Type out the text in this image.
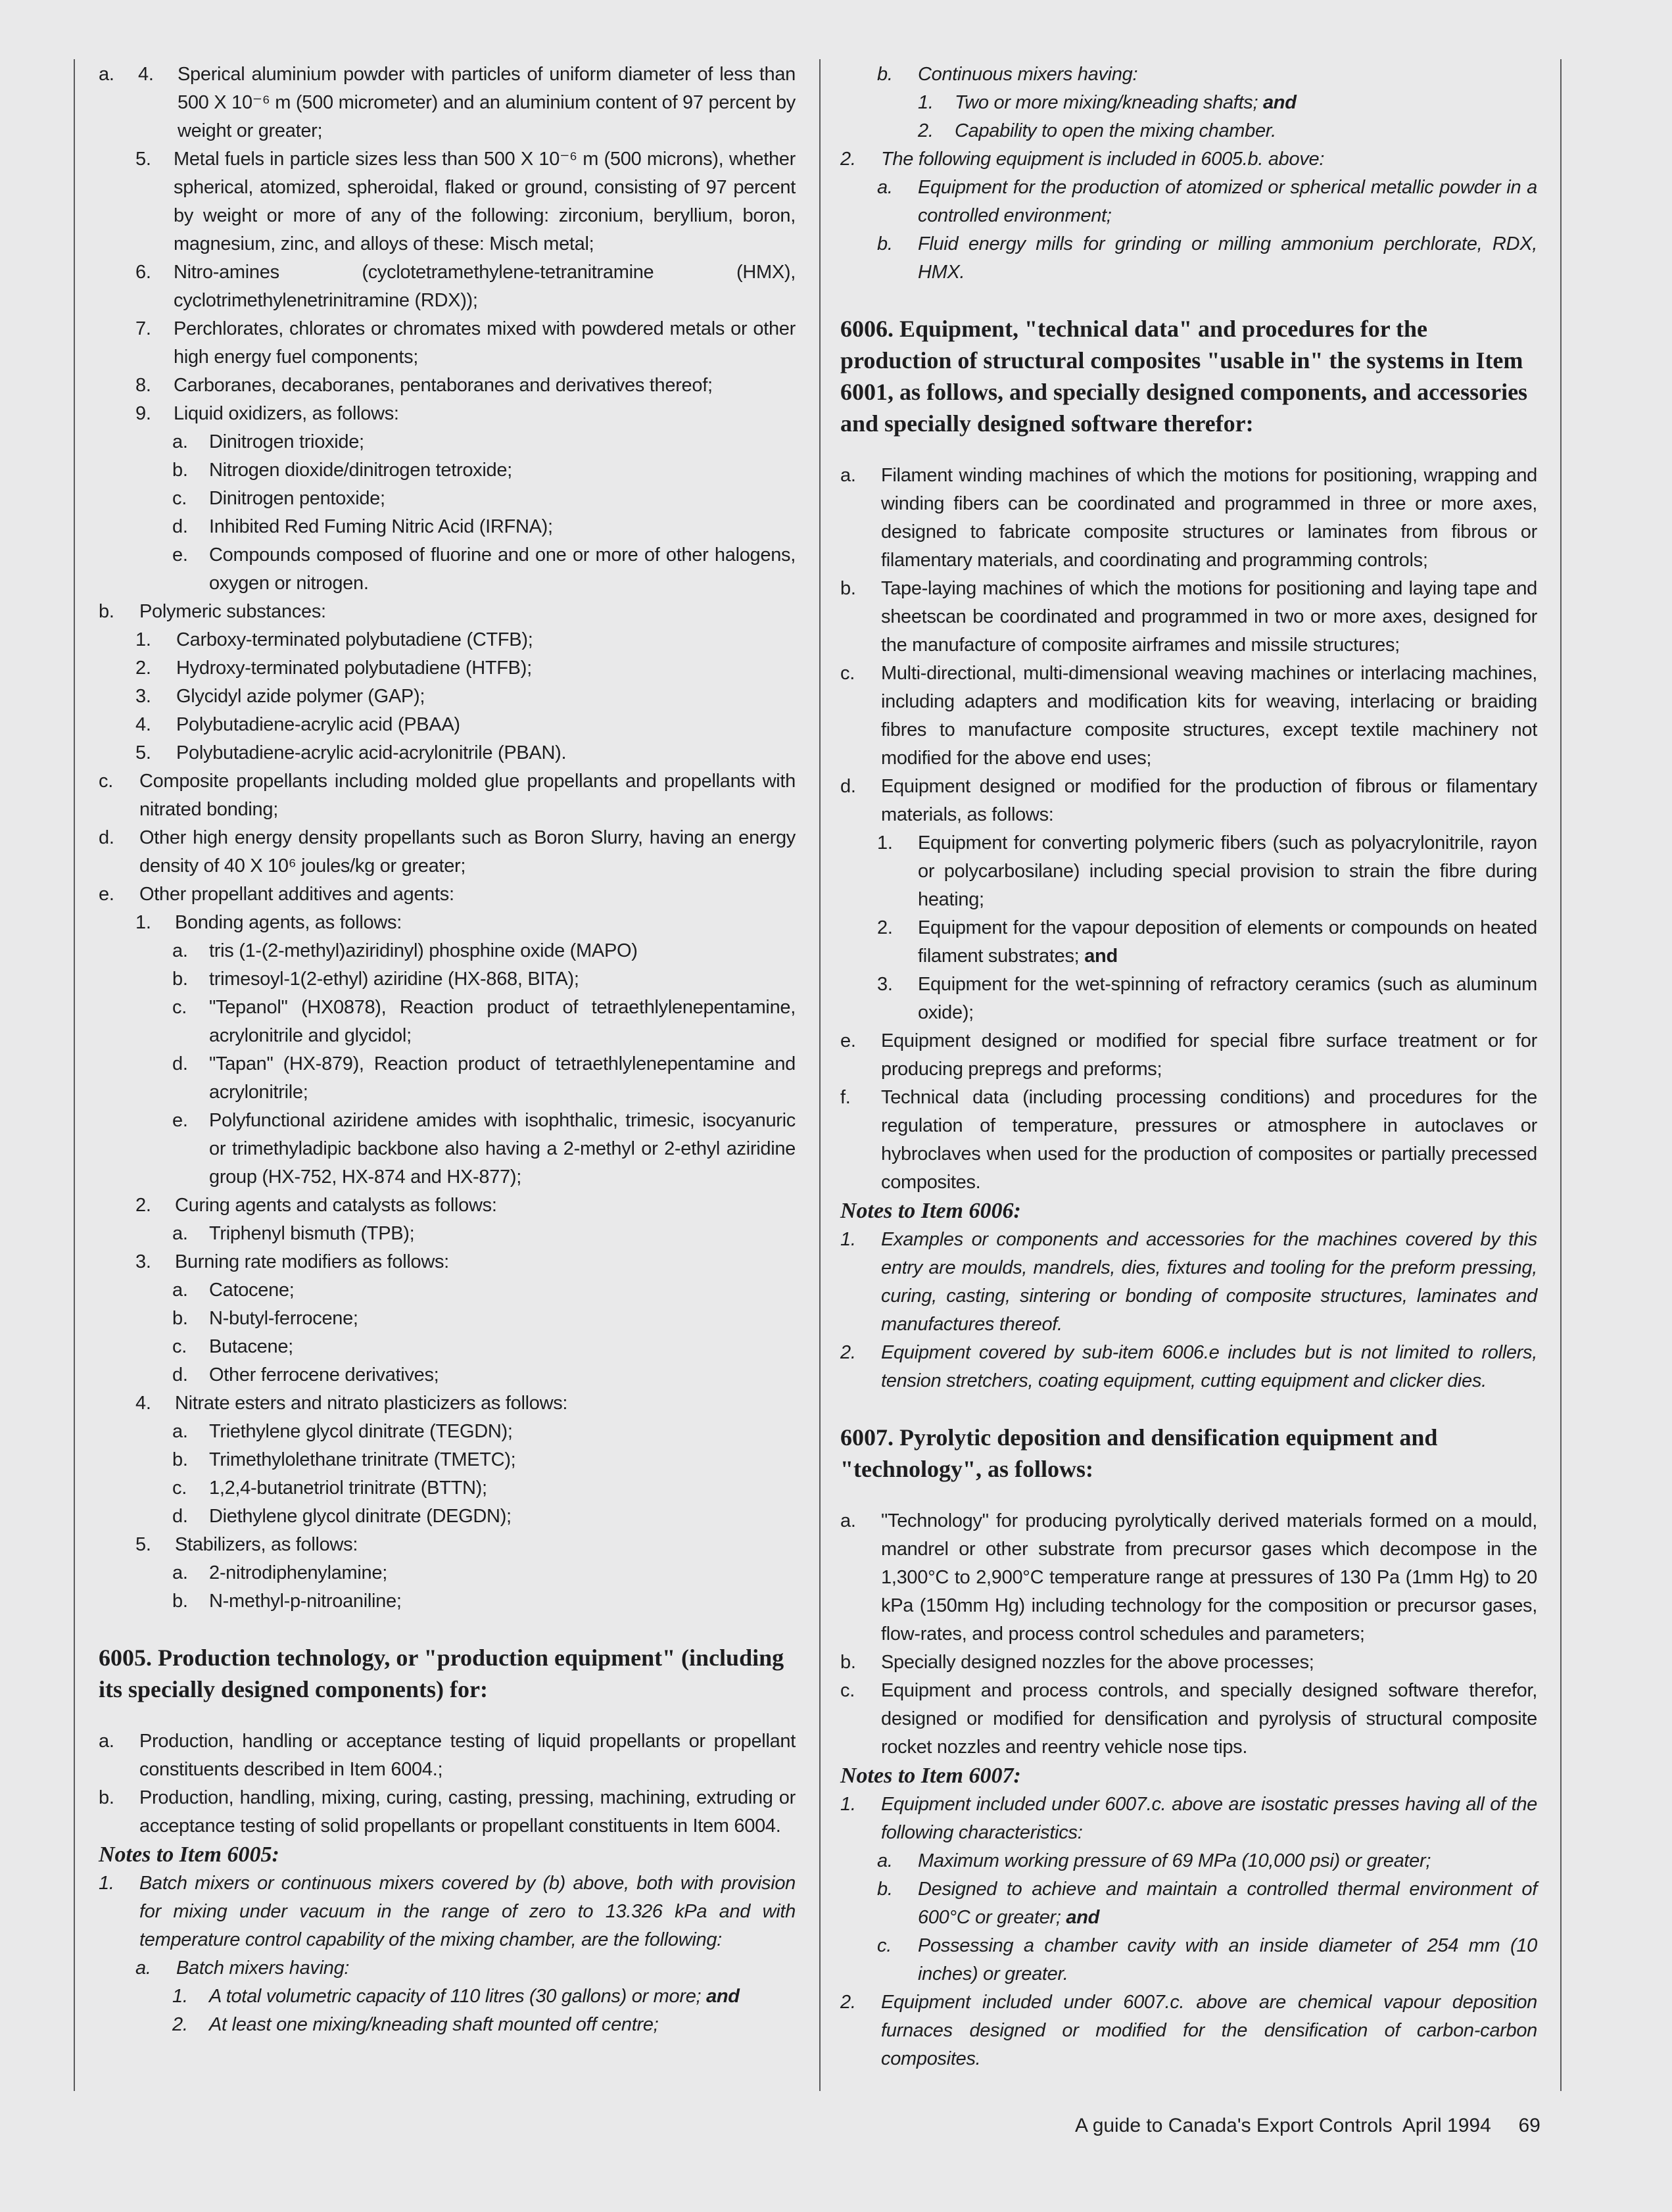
a.	4.	Sperical aluminium powder with particles of uniform diameter of less than 500 X 10⁻⁶ m (500 micrometer) and an aluminium content of 97 percent by weight or greater;
5.	Metal fuels in particle sizes less than 500 X 10⁻⁶ m (500 microns), whether spherical, atomized, spheroidal, flaked or ground, consisting of 97 percent by weight or more of any of the following: zirconium, beryllium, boron, magnesium, zinc, and alloys of these: Misch metal;
6.	Nitro-amines (cyclotetramethylene-tetranitramine (HMX), cyclotrimethylenetrinitramine (RDX));
7.	Perchlorates, chlorates or chromates mixed with powdered metals or other high energy fuel components;
8.	Carboranes, decaboranes, pentaboranes and derivatives thereof;
9.	Liquid oxidizers, as follows:
a.	Dinitrogen trioxide;
b.	Nitrogen dioxide/dinitrogen tetroxide;
c.	Dinitrogen pentoxide;
d.	Inhibited Red Fuming Nitric Acid (IRFNA);
e.	Compounds composed of fluorine and one or more of other halogens, oxygen or nitrogen.
b.	Polymeric substances:
1.	Carboxy-terminated polybutadiene (CTFB);
2.	Hydroxy-terminated polybutadiene (HTFB);
3.	Glycidyl azide polymer (GAP);
4.	Polybutadiene-acrylic acid (PBAA)
5.	Polybutadiene-acrylic acid-acrylonitrile (PBAN).
c.	Composite propellants including molded glue propellants and propellants with nitrated bonding;
d.	Other high energy density propellants such as Boron Slurry, having an energy density of 40 X 10⁶ joules/kg or greater;
e.	Other propellant additives and agents:
1.	Bonding agents, as follows:
a.	tris (1-(2-methyl)aziridinyl) phosphine oxide (MAPO)
b.	trimesoyl-1(2-ethyl) aziridine (HX-868, BITA);
c.	"Tepanol" (HX0878), Reaction product of tetraethlylenepentamine, acrylonitrile and glycidol;
d.	"Tapan" (HX-879), Reaction product of tetraethlylenepentamine and acrylonitrile;
e.	Polyfunctional aziridene amides with isophthalic, trimesic, isocyanuric or trimethyladipic backbone also having a 2-methyl or 2-ethyl aziridine group (HX-752, HX-874 and HX-877);
2.	Curing agents and catalysts as follows:
a.	Triphenyl bismuth (TPB);
3.	Burning rate modifiers as follows:
a.	Catocene;
b.	N-butyl-ferrocene;
c.	Butacene;
d.	Other ferrocene derivatives;
4.	Nitrate esters and nitrato plasticizers as follows:
a.	Triethylene glycol dinitrate (TEGDN);
b.	Trimethylolethane trinitrate (TMETC);
c.	1,2,4-butanetriol trinitrate (BTTN);
d.	Diethylene glycol dinitrate (DEGDN);
5.	Stabilizers, as follows:
a.	2-nitrodiphenylamine;
b.	N-methyl-p-nitroaniline;
6005. Production technology, or "production equipment" (including its specially designed components) for:
a.	Production, handling or acceptance testing of liquid propellants or propellant constituents described in Item 6004.;
b.	Production, handling, mixing, curing, casting, pressing, machining, extruding or acceptance testing of solid propellants or propellant constituents in Item 6004.
Notes to Item 6005:
1.	Batch mixers or continuous mixers covered by (b) above, both with provision for mixing under vacuum in the range of zero to 13.326 kPa and with temperature control capability of the mixing chamber, are the following:
a.	Batch mixers having:
1.	A total volumetric capacity of 110 litres (30 gallons) or more; and
2.	At least one mixing/kneading shaft mounted off centre;
b.	Continuous mixers having:
1.	Two or more mixing/kneading shafts; and
2.	Capability to open the mixing chamber.
2.	The following equipment is included in 6005.b. above:
a.	Equipment for the production of atomized or spherical metallic powder in a controlled environment;
b.	Fluid energy mills for grinding or milling ammonium perchlorate, RDX, HMX.
6006. Equipment, "technical data" and procedures for the production of structural composites "usable in" the systems in Item 6001, as follows, and specially designed components, and accessories and specially designed software therefor:
a.	Filament winding machines of which the motions for positioning, wrapping and winding fibers can be coordinated and programmed in three or more axes, designed to fabricate composite structures or laminates from fibrous or filamentary materials, and coordinating and programming controls;
b.	Tape-laying machines of which the motions for positioning and laying tape and sheetscan be coordinated and programmed in two or more axes, designed for the manufacture of composite airframes and missile structures;
c.	Multi-directional, multi-dimensional weaving machines or interlacing machines, including adapters and modification kits for weaving, interlacing or braiding fibres to manufacture composite structures, except textile machinery not modified for the above end uses;
d.	Equipment designed or modified for the production of fibrous or filamentary materials, as follows:
1.	Equipment for converting polymeric fibers (such as polyacrylonitrile, rayon or polycarbosilane) including special provision to strain the fibre during heating;
2.	Equipment for the vapour deposition of elements or compounds on heated filament substrates; and
3.	Equipment for the wet-spinning of refractory ceramics (such as aluminum oxide);
e.	Equipment designed or modified for special fibre surface treatment or for producing prepregs and preforms;
f.	Technical data (including processing conditions) and procedures for the regulation of temperature, pressures or atmosphere in autoclaves or hybroclaves when used for the production of composites or partially precessed composites.
Notes to Item 6006:
1.	Examples or components and accessories for the machines covered by this entry are moulds, mandrels, dies, fixtures and tooling for the preform pressing, curing, casting, sintering or bonding of composite structures, laminates and manufactures thereof.
2.	Equipment covered by sub-item 6006.e includes but is not limited to rollers, tension stretchers, coating equipment, cutting equipment and clicker dies.
6007. Pyrolytic deposition and densification equipment and "technology", as follows:
a.	"Technology" for producing pyrolytically derived materials formed on a mould, mandrel or other substrate from precursor gases which decompose in the 1,300°C to 2,900°C temperature range at pressures of 130 Pa (1mm Hg) to 20 kPa (150mm Hg) including technology for the composition or precursor gases, flow-rates, and process control schedules and parameters;
b.	Specially designed nozzles for the above processes;
c.	Equipment and process controls, and specially designed software therefor, designed or modified for densification and pyrolysis of structural composite rocket nozzles and reentry vehicle nose tips.
Notes to Item 6007:
1.	Equipment included under 6007.c. above are isostatic presses having all of the following characteristics:
a.	Maximum working pressure of 69 MPa (10,000 psi) or greater;
b.	Designed to achieve and maintain a controlled thermal environment of 600°C or greater; and
c.	Possessing a chamber cavity with an inside diameter of 254 mm (10 inches) or greater.
2.	Equipment included under 6007.c. above are chemical vapour deposition furnaces designed or modified for the densification of carbon-carbon composites.
A guide to Canada's Export Controls  April 1994     69
